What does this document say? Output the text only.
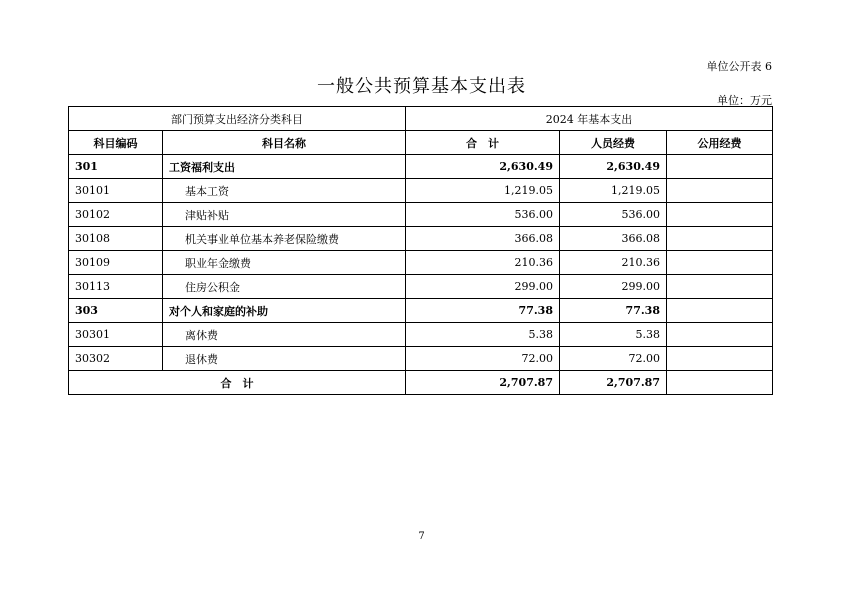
单位公开表 6
一般公共预算基本支出表
单位：万元
部门预算支出经济分类科目		2024 年基本支出		
科目编码	科目名称	合　计	人员经费	公用经费
301	工资福利支出	2,630.49	2,630.49	
30101	基本工资	1,219.05	1,219.05	
30102	津贴补贴	536.00	536.00	
30108	机关事业单位基本养老保险缴费	366.08	366.08	
30109	职业年金缴费	210.36	210.36	
30113	住房公积金	299.00	299.00	
303	对个人和家庭的补助	77.38	77.38	
30301	离休费	5.38	5.38	
30302	退休费	72.00	72.00	
合　计		2,707.87	2,707.87	
7
